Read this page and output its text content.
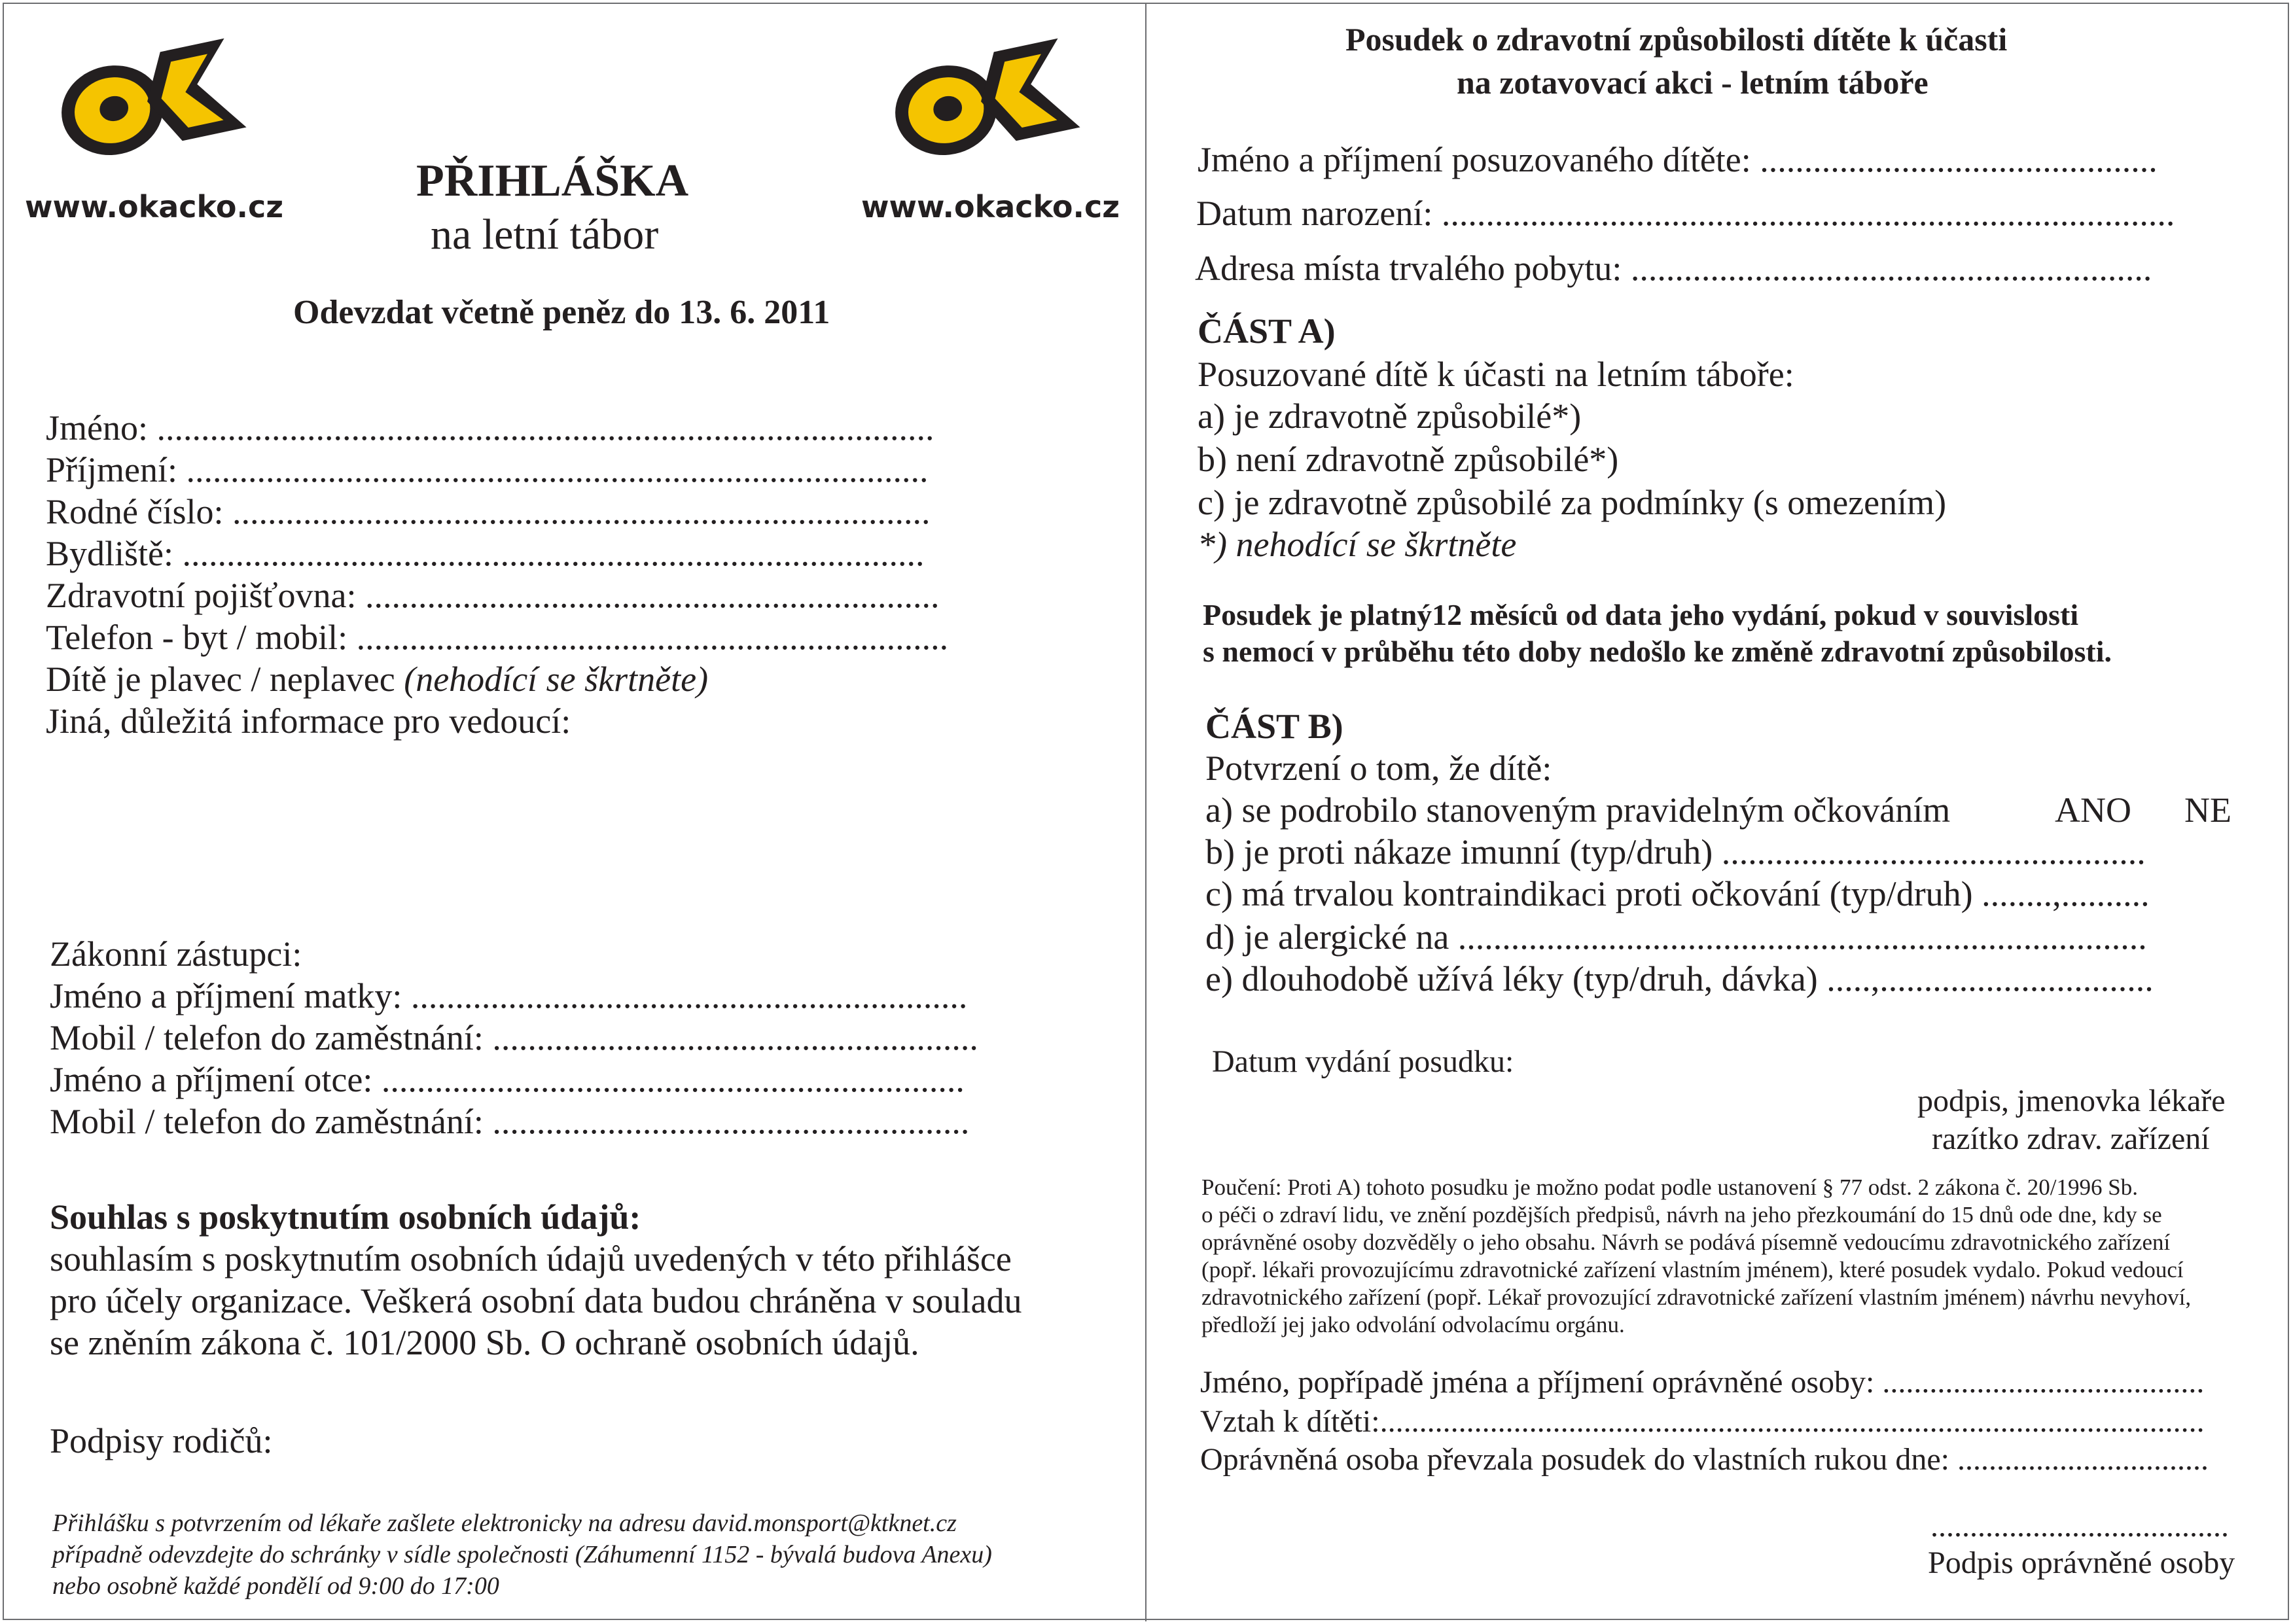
www.okacko.cz	www.okacko.cz
PŘIHLÁŠKA
na letní tábor
Odevzdat včetně peněz do 13. 6. 2011
Jméno: ........................................................................................
Příjmení: ....................................................................................
Rodné číslo: ...............................................................................
Bydliště: ....................................................................................
Zdravotní pojišťovna: .................................................................
Telefon - byt / mobil: ...................................................................
Dítě je plavec / neplavec (nehodící se škrtněte)
Jiná, důležitá informace pro vedoucí:
Zákonní zástupci:
Jméno a příjmení matky: ...............................................................
Mobil / telefon do zaměstnání: .......................................................
Jméno a příjmení otce: ..................................................................
Mobil / telefon do zaměstnání: ......................................................
Souhlas s poskytnutím osobních údajů:
souhlasím s poskytnutím osobních údajů uvedených v této přihlášce
pro účely organizace. Veškerá osobní data budou chráněna v souladu
se zněním zákona č. 101/2000 Sb. O ochraně osobních údajů.
Podpisy rodičů:
Přihlášku s potvrzením od lékaře zašlete elektronicky na adresu david.monsport@ktknet.cz
případně odevzdejte do schránky v sídle společnosti (Záhumenní 1152 - bývalá budova Anexu)
nebo osobně každé pondělí od 9:00 do 17:00
Posudek o zdravotní způsobilosti dítěte k účasti
na zotavovací akci - letním táboře
Jméno a příjmení posuzovaného dítěte: .............................................
Datum narození: ...................................................................................
Adresa místa trvalého pobytu: ...........................................................
ČÁST A)
Posuzované dítě k účasti na letním táboře:
a) je zdravotně způsobilé*)
b) není zdravotně způsobilé*)
c) je zdravotně způsobilé za podmínky (s omezením)
*) nehodící se škrtněte
Posudek je platný12 měsíců od data jeho vydání, pokud v souvislosti
s nemocí v průběhu této doby nedošlo ke změně zdravotní způsobilosti.
ČÁST B)
Potvrzení o tom, že dítě:
a) se podrobilo stanoveným pravidelným očkováním	ANO NE
b) je proti nákaze imunní (typ/druh) ................................................
c) má trvalou kontraindikaci proti očkování (typ/druh) ........,..........
d) je alergické na ..............................................................................
e) dlouhodobě užívá léky (typ/druh, dávka) .....,...............................
Datum vydání posudku:
podpis, jmenovka lékaře
razítko zdrav. zařízení
Poučení: Proti A) tohoto posudku je možno podat podle ustanovení § 77 odst. 2 zákona č. 20/1996 Sb.
o péči o zdraví lidu, ve znění pozdějších předpisů, návrh na jeho přezkoumání do 15 dnů ode dne, kdy se
oprávněné osoby dozvěděly o jeho obsahu. Návrh se podává písemně vedoucímu zdravotnického zařízení
(popř. lékaři provozujícímu zdravotnické zařízení vlastním jménem), které posudek vydalo. Pokud vedoucí
zdravotnického zařízení (popř. Lékař provozující zdravotnické zařízení vlastním jménem) návrhu nevyhoví,
předloží jej jako odvolání odvolacímu orgánu.
Jméno, popřípadě jména a příjmení oprávněné osoby: .........................................
Vztah k dítěti:.........................................................................................................
Oprávněná osoba převzala posudek do vlastních rukou dne: ................................
......................................
Podpis oprávněné osoby
